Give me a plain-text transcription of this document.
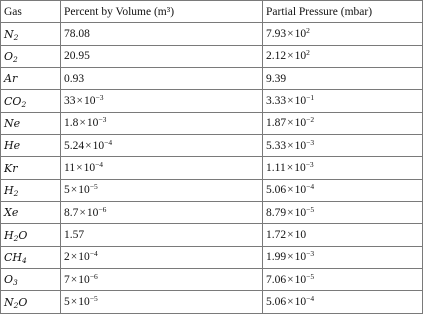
Gas	Percent by Volume (m³)	Partial Pressure (mbar)
$N_2$	78.08	$7.93\times 10^2$
$O_2$	20.95	$2.12\times 10^2$
Ar	0.93	9.39
$CO_2$	$33\times 10^{-3}$	$3.33\times 10^{-1}$
Ne	$1.8\times 10^{-3}$	$1.87\times 10^{-2}$
He	$5.24\times 10^{-4}$	$5.33\times 10^{-3}$
Kr	$11\times 10^{-4}$	$1.11\times 10^{-3}$
$H_2$	$5\times 10^{-5}$	$5.06\times 10^{-4}$
Xe	$8.7\times 10^{-6}$	$8.79\times 10^{-5}$
$H_2O$	1.57	1.72×10
$CH_4$	$2\times 10^{-4}$	$1.99\times 10^{-3}$
$O_3$	$7\times 10^{-6}$	$7.06\times 10^{-5}$
$N_2O$	$5\times 10^{-5}$	$5.06\times 10^{-4}$
